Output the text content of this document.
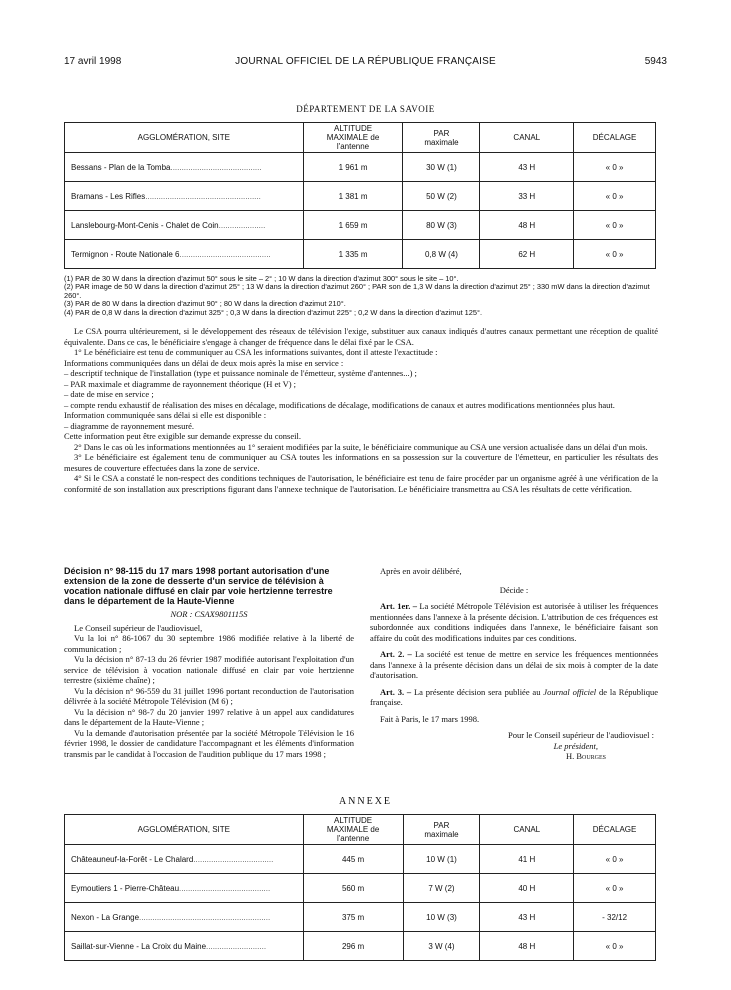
17 avril 1998	JOURNAL OFFICIEL DE LA RÉPUBLIQUE FRANÇAISE	5943
DÉPARTEMENT DE LA SAVOIE
AGGLOMÉRATION, SITE	ALTITUDE MAXIMALE de l'antenne	PAR maximale	CANAL	DÉCALAGE
Bessans - Plan de la Tomba.........................................	1 961 m	30 W (1)	43 H	« 0 »
Bramans - Les Rifles....................................................	1 381 m	50 W (2)	33 H	« 0 »
Lanslebourg-Mont-Cenis - Chalet de Coin.....................	1 659 m	80 W (3)	48 H	« 0 »
Termignon - Route Nationale 6.........................................	1 335 m	0,8 W (4)	62 H	« 0 »
(1) PAR de 30 W dans la direction d'azimut 50° sous le site – 2° ; 10 W dans la direction d'azimut 300° sous le site – 10°.
(2) PAR image de 50 W dans la direction d'azimut 25° ; 13 W dans la direction d'azimut 260° ; PAR son de 1,3 W dans la direction d'azimut 25° ; 330 mW dans la direction d'azimut 260°.
(3) PAR de 80 W dans la direction d'azimut 90° ; 80 W dans la direction d'azimut 210°.
(4) PAR de 0,8 W dans la direction d'azimut 325° ; 0,3 W dans la direction d'azimut 225° ; 0,2 W dans la direction d'azimut 125°.

Le CSA pourra ultérieurement, si le développement des réseaux de télévision l'exige, substituer aux canaux indiqués d'autres canaux permettant une réception de qualité équivalente. Dans ce cas, le bénéficiaire s'engage à changer de fréquence dans le délai fixé par le CSA.

1° Le bénéficiaire est tenu de communiquer au CSA les informations suivantes, dont il atteste l'exactitude :

Informations communiquées dans un délai de deux mois après la mise en service :

– descriptif technique de l'installation (type et puissance nominale de l'émetteur, système d'antennes...) ;

– PAR maximale et diagramme de rayonnement théorique (H et V) ;

– date de mise en service ;

– compte rendu exhaustif de réalisation des mises en décalage, modifications de décalage, modifications de canaux et autres modifications mentionnées plus haut.

Information communiquée sans délai si elle est disponible :

– diagramme de rayonnement mesuré.

Cette information peut être exigible sur demande expresse du conseil.

2° Dans le cas où les informations mentionnées au 1° seraient modifiées par la suite, le bénéficiaire communique au CSA une version actualisée dans un délai d'un mois.

3° Le bénéficiaire est également tenu de communiquer au CSA toutes les informations en sa possession sur la couverture de l'émetteur, en particulier les résultats des mesures de couverture effectuées dans la zone de service.

4° Si le CSA a constaté le non-respect des conditions techniques de l'autorisation, le bénéficiaire est tenu de faire procéder par un organisme agréé à une vérification de la conformité de son installation aux prescriptions figurant dans l'annexe technique de l'autorisation. Le bénéficiaire transmettra au CSA les résultats de cette vérification.

Décision n° 98-115 du 17 mars 1998 portant autorisation d'une extension de la zone de desserte d'un service de télévision à vocation nationale diffusé en clair par voie hertzienne terrestre dans le département de la Haute-Vienne
NOR : CSAX9801115S

Le Conseil supérieur de l'audiovisuel,

Vu la loi n° 86-1067 du 30 septembre 1986 modifiée relative à la liberté de communication ;

Vu la décision n° 87-13 du 26 février 1987 modifiée autorisant l'exploitation d'un service de télévision à vocation nationale diffusé en clair par voie hertzienne terrestre (sixième chaîne) ;

Vu la décision n° 96-559 du 31 juillet 1996 portant reconduction de l'autorisation délivrée à la société Métropole Télévision (M 6) ;

Vu la décision n° 98-7 du 20 janvier 1997 relative à un appel aux candidatures dans le département de la Haute-Vienne ;

Vu la demande d'autorisation présentée par la société Métropole Télévision le 16 février 1998, le dossier de candidature l'accompagnant et les éléments d'information transmis par le candidat à l'occasion de l'audition publique du 17 mars 1998 ;

Après en avoir délibéré,

Décide :

Art. 1er. – La société Métropole Télévision est autorisée à utiliser les fréquences mentionnées dans l'annexe à la présente décision. L'attribution de ces fréquences est subordonnée aux conditions indiquées dans l'annexe, le bénéficiaire faisant son affaire du coût des modifications induites par ces conditions.

Art. 2. – La société est tenue de mettre en service les fréquences mentionnées dans l'annexe à la présente décision dans un délai de six mois à compter de la date d'autorisation.

Art. 3. – La présente décision sera publiée au Journal officiel de la République française.

Fait à Paris, le 17 mars 1998.

Pour le Conseil supérieur de l'audiovisuel :

Le président,

H. Bourges

ANNEXE
AGGLOMÉRATION, SITE	ALTITUDE MAXIMALE de l'antenne	PAR maximale	CANAL	DÉCALAGE
Châteauneuf-la-Forêt - Le Chalard....................................	445 m	10 W (1)	41 H	« 0 »
Eymoutiers 1 - Pierre-Château.........................................	560 m	7 W (2)	40 H	« 0 »
Nexon - La Grange...........................................................	375 m	10 W (3)	43 H	- 32/12
Saillat-sur-Vienne - La Croix du Maine...........................	296 m	3 W (4)	48 H	« 0 »
